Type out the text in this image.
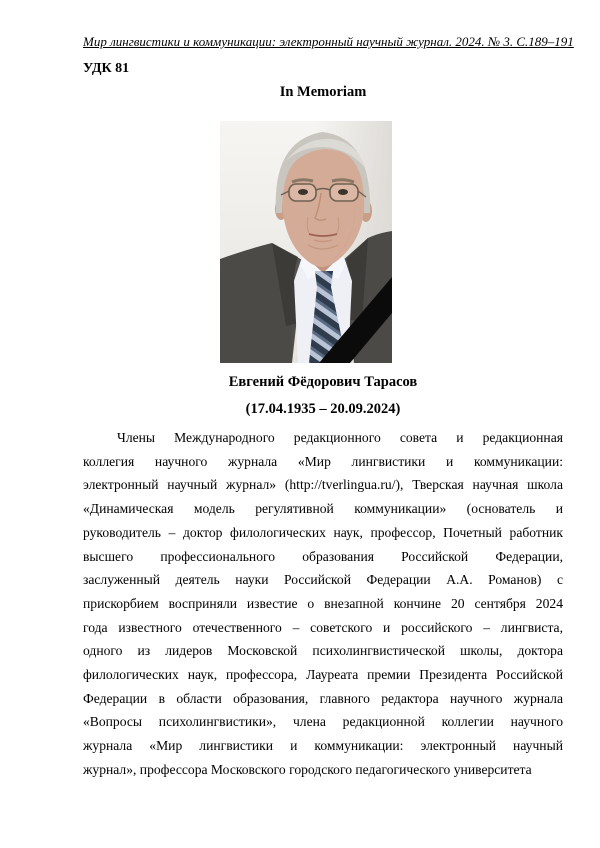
Мир лингвистики и коммуникации: электронный научный журнал. 2024. № 3. С.189–191
УДК 81
In Memoriam
Евгений Фёдорович Тарасов
(17.04.1935 – 20.09.2024)
Члены Международного редакционного совета и редакционная
коллегия научного журнала «Мир лингвистики и коммуникации:
электронный научный журнал» (http://tverlingua.ru/), Тверская научная школа
«Динамическая модель регулятивной коммуникации» (основатель и
руководитель – доктор филологических наук, профессор, Почетный работник
высшего профессионального образования Российской Федерации,
заслуженный деятель науки Российской Федерации А.А. Романов) с
прискорбием восприняли известие о внезапной кончине 20 сентября 2024
года известного отечественного – советского и российского – лингвиста,
одного из лидеров Московской психолингвистической школы, доктора
филологических наук, профессора, Лауреата премии Президента Российской
Федерации в области образования, главного редактора научного журнала
«Вопросы психолингвистики», члена редакционной коллегии научного
журнала «Мир лингвистики и коммуникации: электронный научный
журнал», профессора Московского городского педагогического университета
